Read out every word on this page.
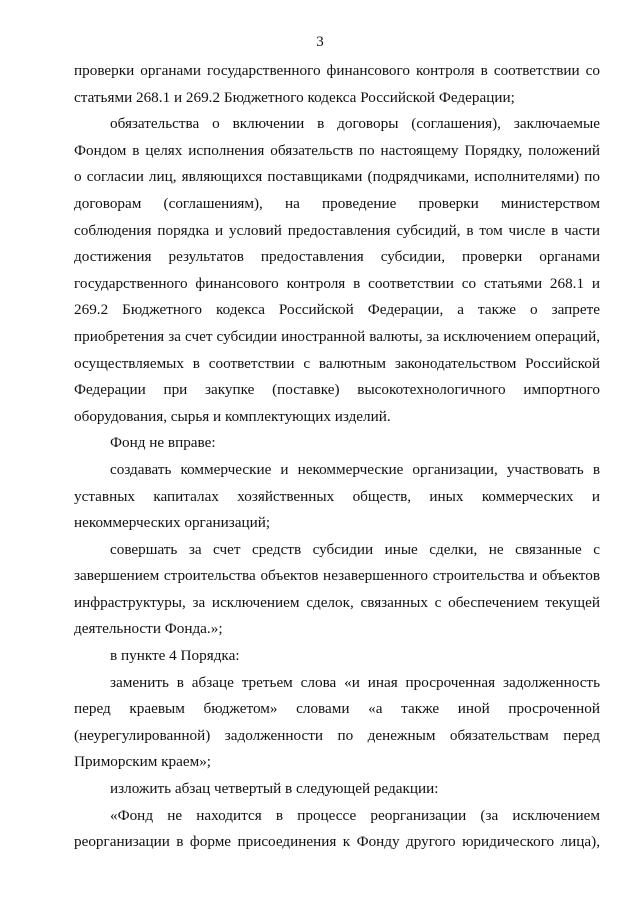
3
проверки органами государственного финансового контроля в соответствии со
статьями 268.1 и 269.2 Бюджетного кодекса Российской Федерации;
обязательства о включении в договоры (соглашения), заключаемые
Фондом в целях исполнения обязательств по настоящему Порядку, положений
о согласии лиц, являющихся поставщиками (подрядчиками, исполнителями) по
договорам (соглашениям), на проведение проверки министерством
соблюдения порядка и условий предоставления субсидий, в том числе в части
достижения результатов предоставления субсидии, проверки органами
государственного финансового контроля в соответствии со статьями 268.1 и
269.2 Бюджетного кодекса Российской Федерации, а также о запрете
приобретения за счет субсидии иностранной валюты, за исключением операций,
осуществляемых в соответствии с валютным законодательством Российской
Федерации при закупке (поставке) высокотехнологичного импортного
оборудования, сырья и комплектующих изделий.
Фонд не вправе:
создавать коммерческие и некоммерческие организации, участвовать в
уставных капиталах хозяйственных обществ, иных коммерческих и
некоммерческих организаций;
совершать за счет средств субсидии иные сделки, не связанные с
завершением строительства объектов незавершенного строительства и объектов
инфраструктуры, за исключением сделок, связанных с обеспечением текущей
деятельности Фонда.»;
в пункте 4 Порядка:
заменить в абзаце третьем слова «и иная просроченная задолженность
перед краевым бюджетом» словами «а также иной просроченной
(неурегулированной) задолженности по денежным обязательствам перед
Приморским краем»;
изложить абзац четвертый в следующей редакции:
«Фонд не находится в процессе реорганизации (за исключением
реорганизации в форме присоединения к Фонду другого юридического лица),
